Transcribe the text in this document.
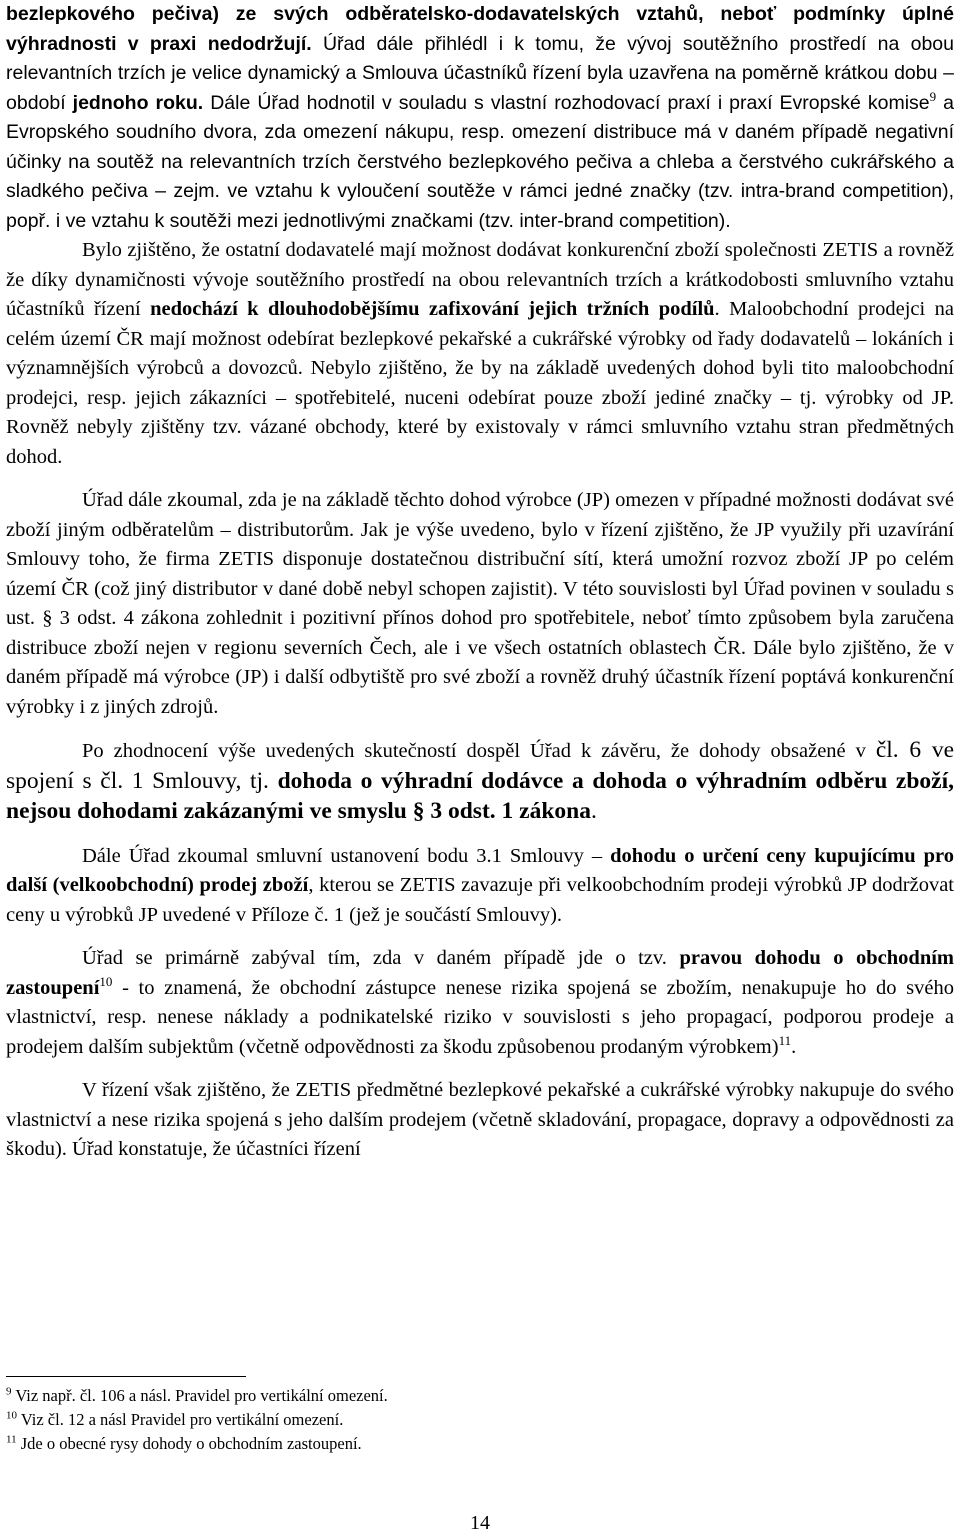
bezlepkového pečiva) ze svých odběratelsko-dodavatelských vztahů, neboť podmínky úplné výhradnosti v praxi nedodržují. Úřad dále přihlédl i k tomu, že vývoj soutěžního prostředí na obou relevantních trzích je velice dynamický a Smlouva účastníků řízení byla uzavřena na poměrně krátkou dobu – období jednoho roku. Dále Úřad hodnotil v souladu s vlastní rozhodovací praxí i praxí Evropské komise$^9$ a Evropského soudního dvora, zda omezení nákupu, resp. omezení distribuce má v daném případě negativní účinky na soutěž na relevantních trzích čerstvého bezlepkového pečiva a chleba a čerstvého cukrářského a sladkého pečiva – zejm. ve vztahu k vyloučení soutěže v rámci jedné značky (tzv. intra-brand competition), popř. i ve vztahu k soutěži mezi jednotlivými značkami (tzv. inter-brand competition).

Bylo zjištěno, že ostatní dodavatelé mají možnost dodávat konkurenční zboží společnosti ZETIS a rovněž že díky dynamičnosti vývoje soutěžního prostředí na obou relevantních trzích a krátkodobosti smluvního vztahu účastníků řízení nedochází k dlouhodobějšímu zafixování jejich tržních podílů. Maloobchodní prodejci na celém území ČR mají možnost odebírat bezlepkové pekařské a cukrářské výrobky od řady dodavatelů – lokáních i významnějších výrobců a dovozců. Nebylo zjištěno, že by na základě uvedených dohod byli tito maloobchodní prodejci, resp. jejich zákazníci – spotřebitelé, nuceni odebírat pouze zboží jediné značky – tj. výrobky od JP. Rovněž nebyly zjištěny tzv. vázané obchody, které by existovaly v rámci smluvního vztahu stran předmětných dohod.

Úřad dále zkoumal, zda je na základě těchto dohod výrobce (JP) omezen v případné možnosti dodávat své zboží jiným odběratelům – distributorům. Jak je výše uvedeno, bylo v řízení zjištěno, že JP využily při uzavírání Smlouvy toho, že firma ZETIS disponuje dostatečnou distribuční sítí, která umožní rozvoz zboží JP po celém území ČR (což jiný distributor v dané době nebyl schopen zajistit). V této souvislosti byl Úřad povinen v souladu s ust. § 3 odst. 4 zákona zohlednit i pozitivní přínos dohod pro spotřebitele, neboť tímto způsobem byla zaručena distribuce zboží nejen v regionu severních Čech, ale i ve všech ostatních oblastech ČR. Dále bylo zjištěno, že v daném případě má výrobce (JP) i další odbytiště pro své zboží a rovněž druhý účastník řízení poptává konkurenční výrobky i z jiných zdrojů.

Po zhodnocení výše uvedených skutečností dospěl Úřad k závěru, že dohody obsažené v čl. 6 ve spojení s čl. 1 Smlouvy, tj. dohoda o výhradní dodávce a dohoda o výhradním odběru zboží, nejsou dohodami zakázanými ve smyslu § 3 odst. 1 zákona.

Dále Úřad zkoumal smluvní ustanovení bodu 3.1 Smlouvy – dohodu o určení ceny kupujícímu pro další (velkoobchodní) prodej zboží, kterou se ZETIS zavazuje při velkoobchodním prodeji výrobků JP dodržovat ceny u výrobků JP uvedené v Příloze č. 1 (jež je součástí Smlouvy).

Úřad se primárně zabýval tím, zda v daném případě jde o tzv. pravou dohodu o obchodním zastoupení$^{10}$ - to znamená, že obchodní zástupce nenese rizika spojená se zbožím, nenakupuje ho do svého vlastnictví, resp. nenese náklady a podnikatelské riziko v souvislosti s jeho propagací, podporou prodeje a prodejem dalším subjektům (včetně odpovědnosti za škodu způsobenou prodaným výrobkem)$^{11}$.

V řízení však zjištěno, že ZETIS předmětné bezlepkové pekařské a cukrářské výrobky nakupuje do svého vlastnictví a nese rizika spojená s jeho dalším prodejem (včetně skladování, propagace, dopravy a odpovědnosti za škodu). Úřad konstatuje, že účastníci řízení

$^9$ Viz např. čl. 106 a násl. Pravidel pro vertikální omezení.

$^{10}$ Viz čl. 12 a násl Pravidel pro vertikální omezení.

$^{11}$ Jde o obecné rysy dohody o obchodním zastoupení.

14
